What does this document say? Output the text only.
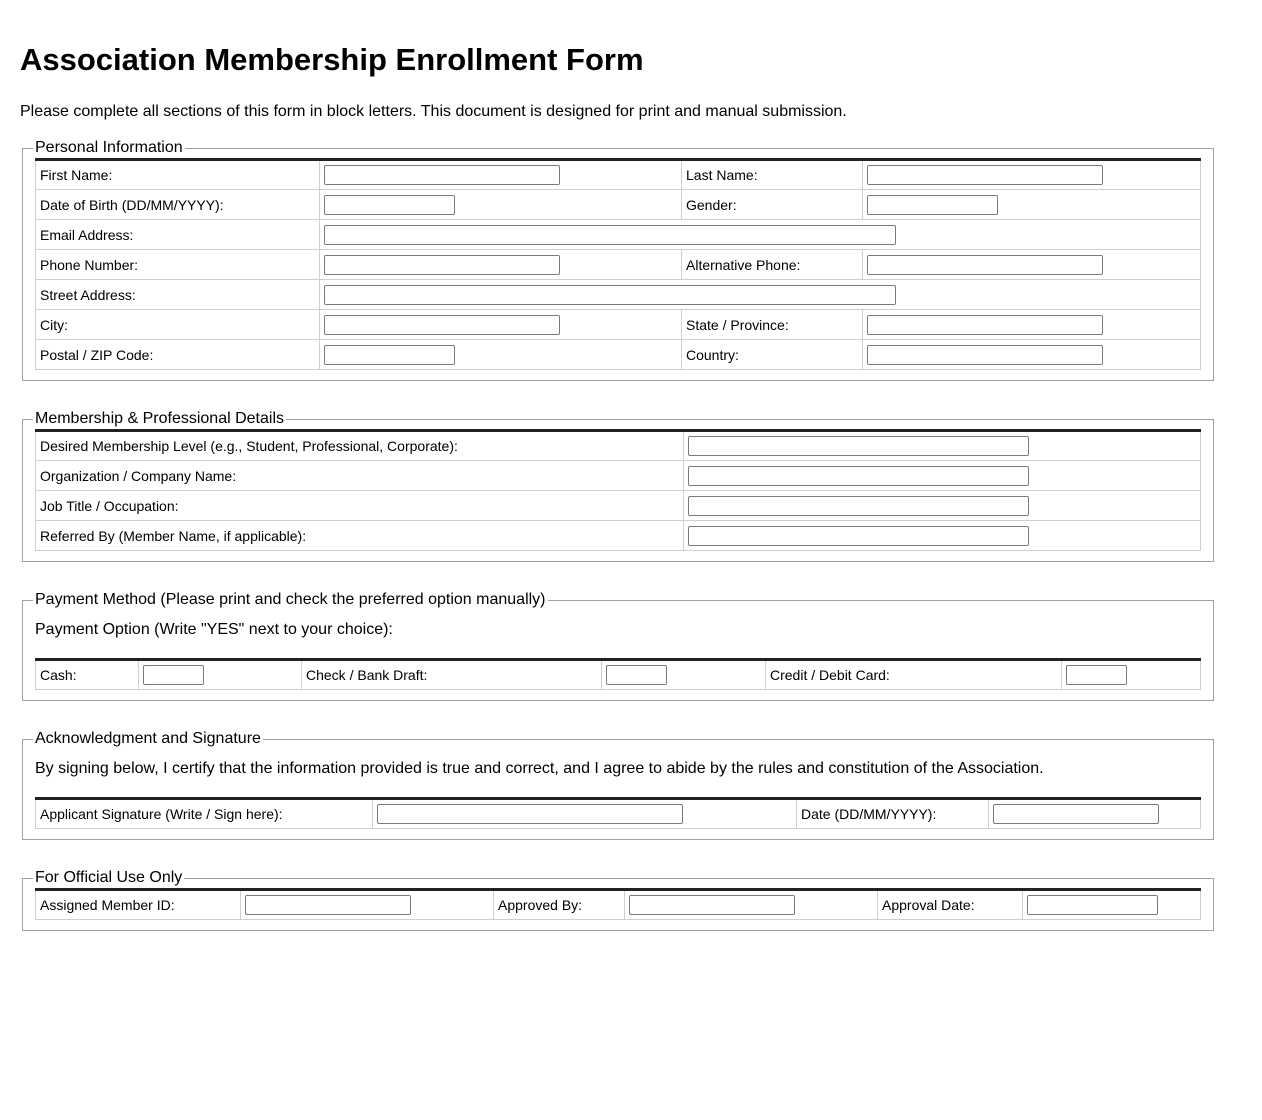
Association Membership Enrollment Form

Please complete all sections of this form in block letters. This document is designed for print and manual submission.

Personal Information
First Name:		Last Name:	

Date of Birth (DD/MM/YYYY):		Gender:	

Email Address:			

Phone Number:		Alternative Phone:	

Street Address:			

City:		State / Province:	

Postal / ZIP Code:		Country:	
Membership & Professional Details
Desired Membership Level (e.g., Student, Professional, Corporate):	

Organization / Company Name:	

Job Title / Occupation:	

Referred By (Member Name, if applicable):	
Payment Method (Please print and check the preferred option manually)

Payment Option (Write "YES" next to your choice):

Cash:		Check / Bank Draft:		Credit / Debit Card:	
Acknowledgment and Signature

By signing below, I certify that the information provided is true and correct, and I agree to abide by the rules and constitution of the Association.

Applicant Signature (Write / Sign here):		Date (DD/MM/YYYY):	
For Official Use Only
Assigned Member ID:		Approved By:		Approval Date:	
